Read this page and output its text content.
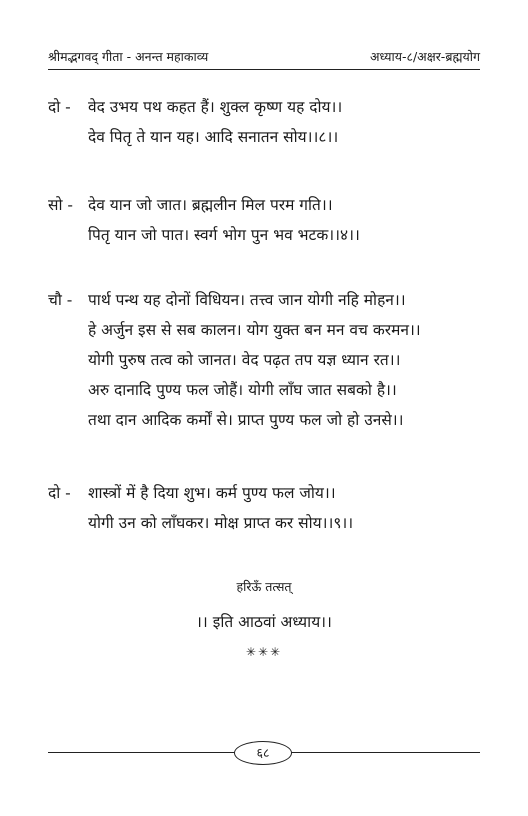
श्रीमद्भगवद् गीता - अनन्त महाकाव्य	अध्याय-८/अक्षर-ब्रह्मयोग
दो - वेद उभय पथ कहत हैं। शुक्ल कृष्ण यह दोय।।
देव पितृ ते यान यह। आदि सनातन सोय।।८।।
सो - देव यान जो जात। ब्रह्मलीन मिल परम गति।।
पितृ यान जो पात। स्वर्ग भोग पुन भव भटक।।४।।
चौ - पार्थ पन्थ यह दोनों विधियन। तत्त्व जान योगी नहि मोहन।।
हे अर्जुन इस से सब कालन। योग युक्त बन मन वच करमन।।
योगी पुरुष तत्व को जानत। वेद पढ़त तप यज्ञ ध्यान रत।।
अरु दानादि पुण्य फल जोहैं। योगी लाँघ जात सबको है।।
तथा दान आदिक कर्मों से। प्राप्त पुण्य फल जो हो उनसे।।
दो - शास्त्रों में है दिया शुभ। कर्म पुण्य फल जोय।।
योगी उन को लाँघकर। मोक्ष प्राप्त कर सोय।।९।।
हरिऊँ तत्सत्
।। इति आठवां अध्याय।।
✳✳✳
६८
